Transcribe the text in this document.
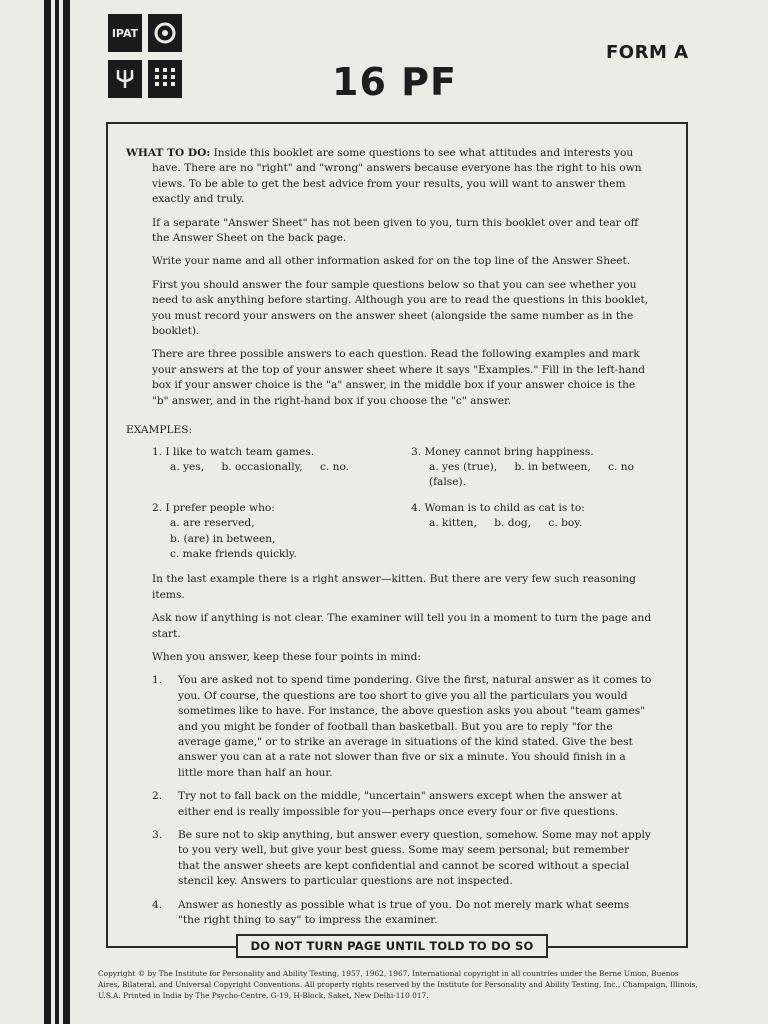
IPAT
FORM A
16 PF

WHAT TO DO: Inside this booklet are some questions to see what attitudes and interests you have. There are no "right" and "wrong" answers because everyone has the right to his own views. To be able to get the best advice from your results, you will want to answer them exactly and truly.

If a separate "Answer Sheet" has not been given to you, turn this booklet over and tear off the Answer Sheet on the back page.

Write your name and all other information asked for on the top line of the Answer Sheet.

First you should answer the four sample questions below so that you can see whether you need to ask anything before starting. Although you are to read the questions in this booklet, you must record your answers on the answer sheet (alongside the same number as in the booklet).

There are three possible answers to each question. Read the following examples and mark your answers at the top of your answer sheet where it says "Examples." Fill in the left-hand box if your answer choice is the "a" answer, in the middle box if your answer choice is the "b" answer, and in the right-hand box if you choose the "c" answer.

EXAMPLES:
1. I like to watch team games.
a. yes, b. occasionally, c. no.
3. Money cannot bring happiness.
a. yes (true), b. in between, c. no (false).
2. I prefer people who:
a. are reserved,
b. (are) in between,
c. make friends quickly.
4. Woman is to child as cat is to:
a. kitten, b. dog, c. boy.

In the last example there is a right answer—kitten. But there are very few such reasoning items.

Ask now if anything is not clear. The examiner will tell you in a moment to turn the page and start.

When you answer, keep these four points in mind:

1.	You are asked not to spend time pondering. Give the first, natural answer as it comes to you. Of course, the questions are too short to give you all the particulars you would sometimes like to have. For instance, the above question asks you about "team games" and you might be fonder of football than basketball. But you are to reply "for the average game," or to strike an average in situations of the kind stated. Give the best answer you can at a rate not slower than five or six a minute. You should finish in a little more than half an hour.
2.	Try not to fall back on the middle, "uncertain" answers except when the answer at either end is really impossible for you—perhaps once every four or five questions.
3.	Be sure not to skip anything, but answer every question, somehow. Some may not apply to you very well, but give your best guess. Some may seem personal; but remember that the answer sheets are kept confidential and cannot be scored without a special stencil key. Answers to particular questions are not inspected.
4.	Answer as honestly as possible what is true of you. Do not merely mark what seems "the right thing to say" to impress the examiner.
DO NOT TURN PAGE UNTIL TOLD TO DO SO
Copyright © by The Institute for Personality and Ability Testing, 1957, 1962, 1967. International copyright in all countries under the Berne Union, Buenos Aires, Bilateral, and Universal Copyright Conventions. All property rights reserved by the Institute for Personality and Ability Testing, Inc., Champaign, Illinois, U.S.A. Printed in India by The Psycho-Centre, G-19, H-Block, Saket, New Delhi-110 017.
